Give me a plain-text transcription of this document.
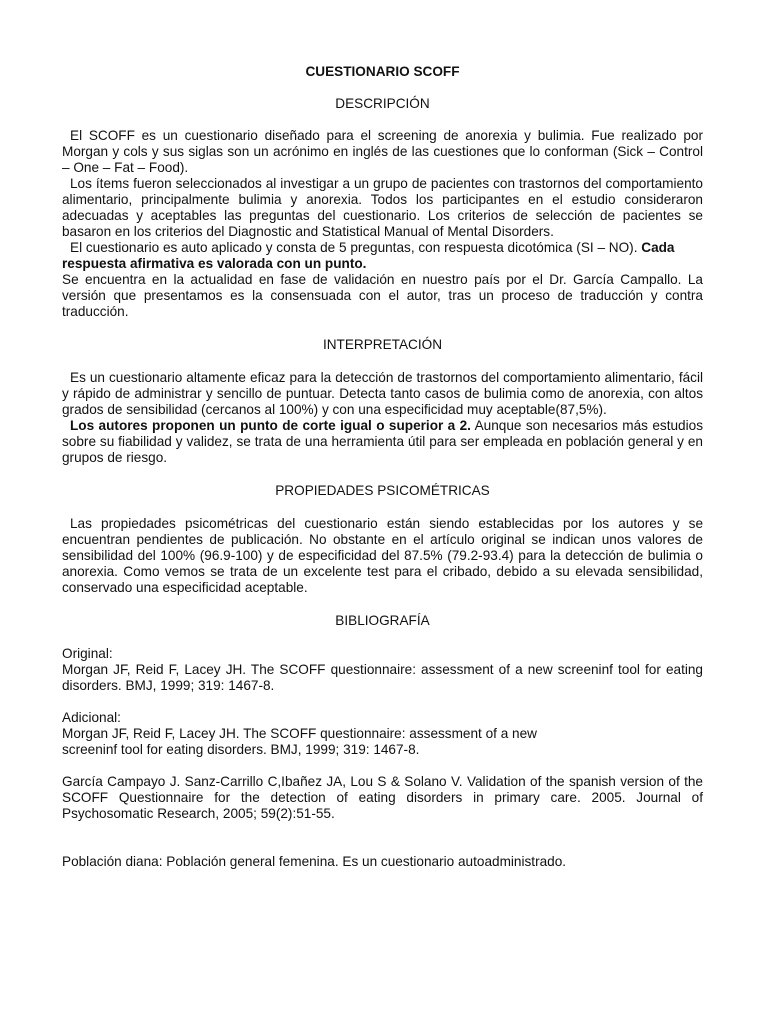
CUESTIONARIO SCOFF
DESCRIPCIÓN

El SCOFF es un cuestionario diseñado para el screening de anorexia y bulimia. Fue realizado por Morgan y cols y sus siglas son un acrónimo en inglés de las cuestiones que lo conforman (Sick – Control – One – Fat – Food).

Los ítems fueron seleccionados al investigar a un grupo de pacientes con trastornos del comportamiento alimentario, principalmente bulimia y anorexia. Todos los participantes en el estudio consideraron adecuadas y aceptables las preguntas del cuestionario. Los criterios de selección de pacientes se basaron en los criterios del Diagnostic and Statistical Manual of Mental Disorders.

El cuestionario es auto aplicado y consta de 5 preguntas, con respuesta dicotómica (SI – NO). Cada respuesta afirmativa es valorada con un punto.

Se encuentra en la actualidad en fase de validación en nuestro país por el Dr. García Campallo. La versión que presentamos es la consensuada con el autor, tras un proceso de traducción y contra traducción.

INTERPRETACIÓN

Es un cuestionario altamente eficaz para la detección de trastornos del comportamiento alimentario, fácil y rápido de administrar y sencillo de puntuar. Detecta tanto casos de bulimia como de anorexia, con altos grados de sensibilidad (cercanos al 100%) y con una especificidad muy aceptable(87,5%).

Los autores proponen un punto de corte igual o superior a 2. Aunque son necesarios más estudios sobre su fiabilidad y validez, se trata de una herramienta útil para ser empleada en población general y en grupos de riesgo.

PROPIEDADES PSICOMÉTRICAS

Las propiedades psicométricas del cuestionario están siendo establecidas por los autores y se encuentran pendientes de publicación. No obstante en el artículo original se indican unos valores de sensibilidad del 100% (96.9-100) y de especificidad del 87.5% (79.2-93.4) para la detección de bulimia o anorexia. Como vemos se trata de un excelente test para el cribado, debido a su elevada sensibilidad, conservado una especificidad aceptable.

BIBLIOGRAFÍA

Original:

Morgan JF, Reid F, Lacey JH. The SCOFF questionnaire: assessment of a new screeninf tool for eating disorders. BMJ, 1999; 319: 1467-8.

Adicional:

Morgan JF, Reid F, Lacey JH. The SCOFF questionnaire: assessment of a new

screeninf tool for eating disorders. BMJ, 1999; 319: 1467-8.

García Campayo J. Sanz-Carrillo C,Ibañez JA, Lou S & Solano V. Validation of the spanish version of the SCOFF Questionnaire for the detection of eating disorders in primary care. 2005. Journal of Psychosomatic Research, 2005; 59(2):51-55.

Población diana: Población general femenina. Es un cuestionario autoadministrado.
